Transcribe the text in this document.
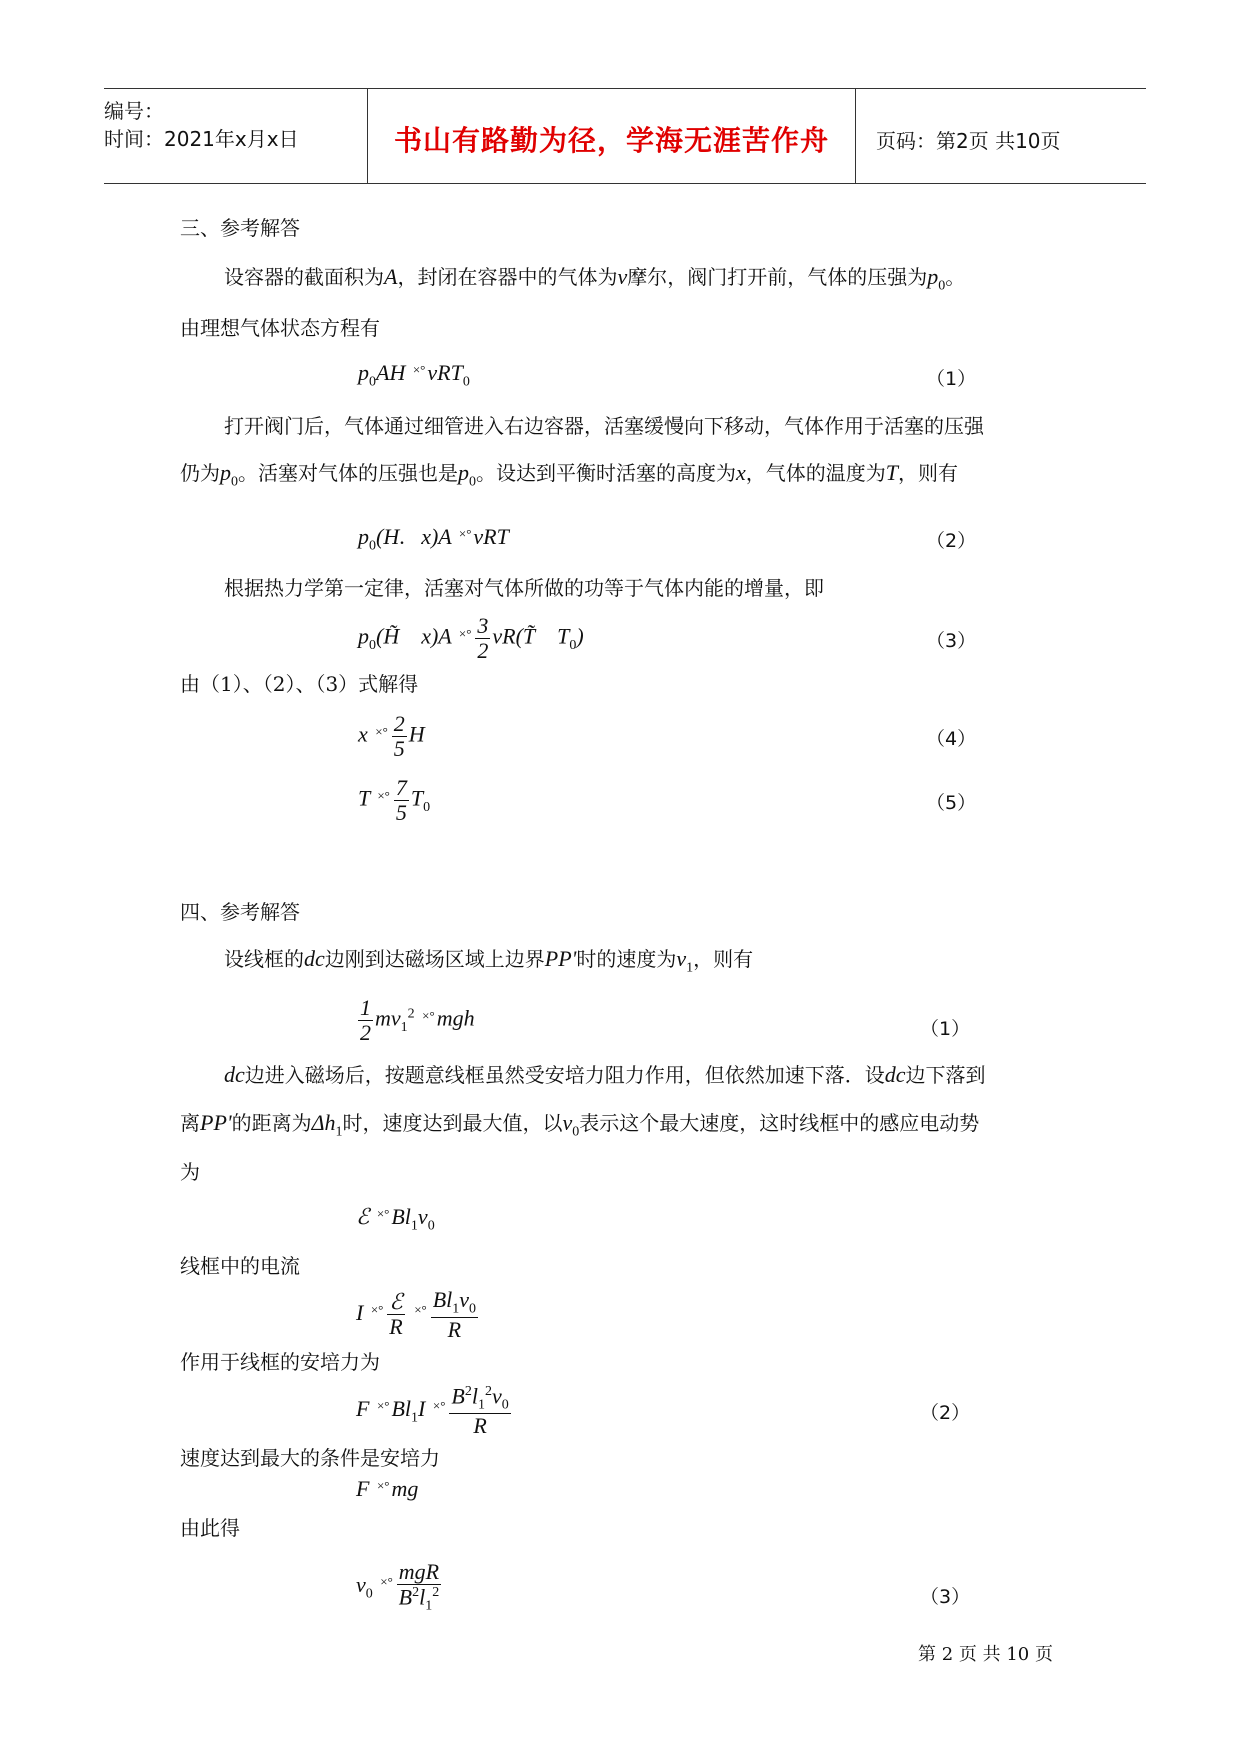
编号：
时间：2021年x月x日	书山有路勤为径，学海无涯苦作舟	页码：第2页 共10页
三、参考解答
设容器的截面积为A，封闭在容器中的气体为ν摩尔，阀门打开前，气体的压强为$p_0$。
由理想气体状态方程有
$p_0AH$ ×°νRT$_0$	（1）
打开阀门后，气体通过细管进入右边容器，活塞缓慢向下移动，气体作用于活塞的压强
仍为$p_0$。活塞对气体的压强也是$p_0$。设达到平衡时活塞的高度为x，气体的温度为T，则有
$p_0(H$.   x)A ×°νRT	（2）
根据热力学第一定律，活塞对气体所做的功等于气体内能的增量，即
$p_0(H̃$    x)A $^{\times^\circ} \frac{3}{2}$ νR(T̃    $T_0$)	（3）
由（1）、（2）、（3）式解得
x $^{\times^\circ} \frac{2}{5}$ H	（4）
T $^{\times^\circ} \frac{7}{5} T_0$	（5）
四、参考解答
设线框的dc边刚到达磁场区域上边界PP'时的速度为$v_1$，则有
$\frac{1}{2} mv_1^2$ ×°mgh	（1）
dc边进入磁场后，按题意线框虽然受安培力阻力作用，但依然加速下落．设dc边下落到
离PP'的距离为$\Delta h_1$时，速度达到最大值，以$v_0$表示这个最大速度，这时线框中的感应电动势
为
ℰ $^{\times^\circ}Bl_1v_0$
线框中的电流
I $^{\times^\circ} \frac{\text{ℰ}}{R} ^{\times^\circ} \frac{Bl_1v_0}{R}$
作用于线框的安培力为
F $^{\times^\circ}Bl_1I$ $^{\times^\circ} \frac{B^2l_1^2v_0}{R}$	（2）
速度达到最大的条件是安培力
F ×°mg
由此得
$v_0$ $^{\times^\circ} \frac{\text{mgR}}{B^2l_1^2}$	（3）
第 2 页 共 10 页
